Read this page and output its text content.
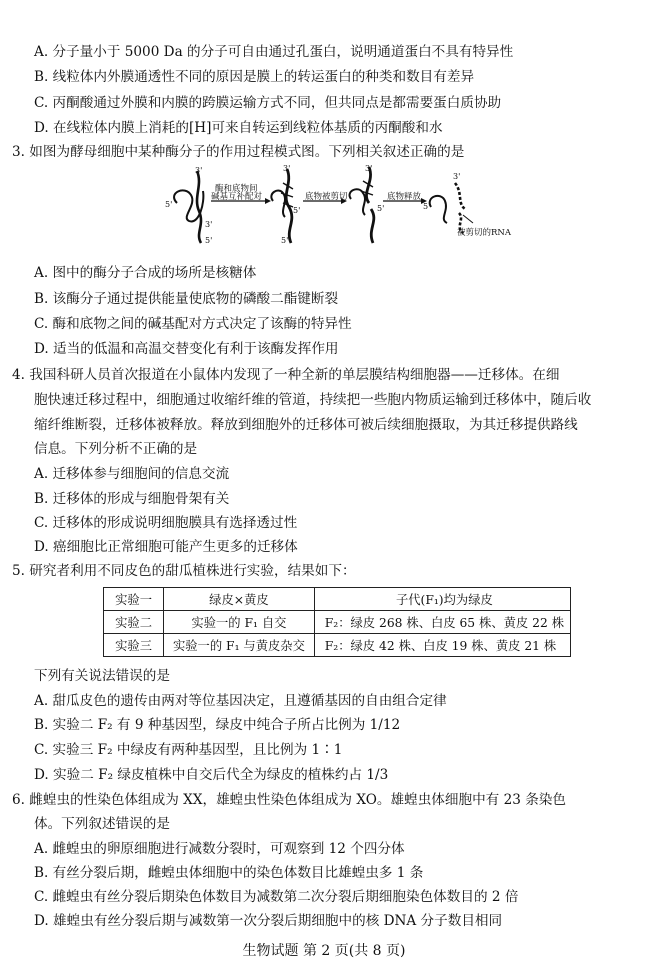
A. 分子量小于 5000 Da 的分子可自由通过孔蛋白，说明通道蛋白不具有特异性
B. 线粒体内外膜通透性不同的原因是膜上的转运蛋白的种类和数目有差异
C. 丙酮酸通过外膜和内膜的跨膜运输方式不同，但共同点是都需要蛋白质协助
D. 在线粒体内膜上消耗的[H]可来自转运到线粒体基质的丙酮酸和水
3. 如图为酵母细胞中某种酶分子的作用过程模式图。下列相关叙述正确的是
3'
5'
3'
5'
酶和底物间
碱基互补配对
3'
5'
5'
底物被剪切
3'
5'
底物释放
3'
5'
被剪切的RNA
A. 图中的酶分子合成的场所是核糖体
B. 该酶分子通过提供能量使底物的磷酸二酯键断裂
C. 酶和底物之间的碱基配对方式决定了该酶的特异性
D. 适当的低温和高温交替变化有利于该酶发挥作用
4. 我国科研人员首次报道在小鼠体内发现了一种全新的单层膜结构细胞器——迁移体。在细
胞快速迁移过程中，细胞通过收缩纤维的管道，持续把一些胞内物质运输到迁移体中，随后收
缩纤维断裂，迁移体被释放。释放到细胞外的迁移体可被后续细胞摄取，为其迁移提供路线
信息。下列分析不正确的是
A. 迁移体参与细胞间的信息交流
B. 迁移体的形成与细胞骨架有关
C. 迁移体的形成说明细胞膜具有选择透过性
D. 癌细胞比正常细胞可能产生更多的迁移体
5. 研究者利用不同皮色的甜瓜植株进行实验，结果如下：
实验一	绿皮×黄皮	子代(F₁)均为绿皮
实验二	实验一的 F₁ 自交	F₂：绿皮 268 株、白皮 65 株、黄皮 22 株
实验三	实验一的 F₁ 与黄皮杂交	F₂：绿皮 42 株、白皮 19 株、黄皮 21 株
下列有关说法错误的是
A. 甜瓜皮色的遗传由两对等位基因决定，且遵循基因的自由组合定律
B. 实验二 F₂ 有 9 种基因型，绿皮中纯合子所占比例为 1/12
C. 实验三 F₂ 中绿皮有两种基因型，且比例为 1∶1
D. 实验二 F₂ 绿皮植株中自交后代全为绿皮的植株约占 1/3
6. 雌蝗虫的性染色体组成为 XX，雄蝗虫性染色体组成为 XO。雄蝗虫体细胞中有 23 条染色
体。下列叙述错误的是
A. 雌蝗虫的卵原细胞进行减数分裂时，可观察到 12 个四分体
B. 有丝分裂后期，雌蝗虫体细胞中的染色体数目比雄蝗虫多 1 条
C. 雌蝗虫有丝分裂后期染色体数目为减数第二次分裂后期细胞染色体数目的 2 倍
D. 雄蝗虫有丝分裂后期与减数第一次分裂后期细胞中的核 DNA 分子数目相同
生物试题 第 2 页(共 8 页)
